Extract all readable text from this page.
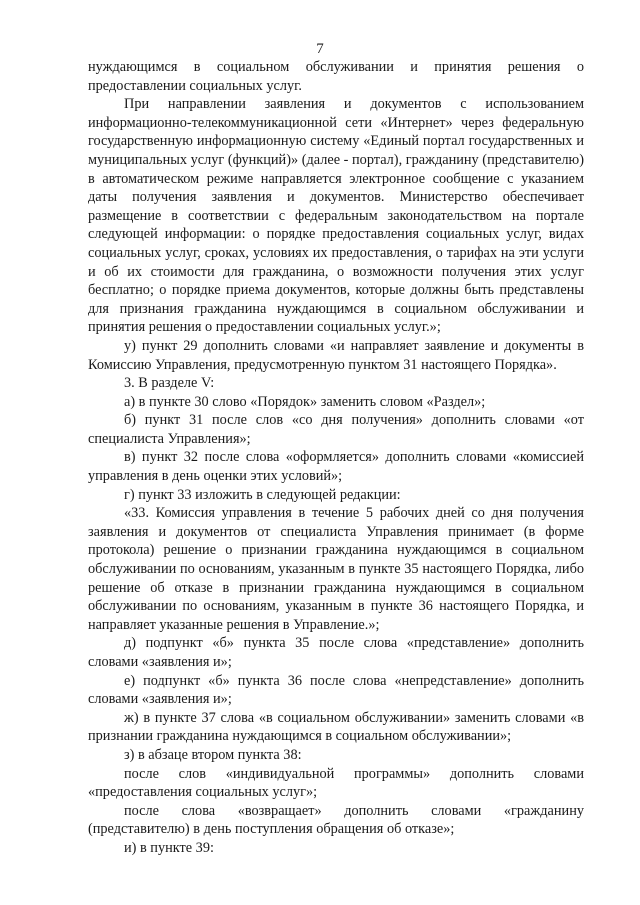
7

нуждающимся в социальном обслуживании и принятия решения о предоставлении социальных услуг.

При направлении заявления и документов с использованием информационно-телекоммуникационной сети «Интернет» через федеральную государственную информационную систему «Единый портал государственных и муниципальных услуг (функций)» (далее - портал), гражданину (представителю) в автоматическом режиме направляется электронное сообщение с указанием даты получения заявления и документов. Министерство обеспечивает размещение в соответствии с федеральным законодательством на портале следующей информации: о порядке предоставления социальных услуг, видах социальных услуг, сроках, условиях их предоставления, о тарифах на эти услуги и об их стоимости для гражданина, о возможности получения этих услуг бесплатно; о порядке приема документов, которые должны быть представлены для признания гражданина нуждающимся в социальном обслуживании и принятия решения о предоставлении социальных услуг.»;

у) пункт 29 дополнить словами «и направляет заявление и документы в Комиссию Управления, предусмотренную пунктом 31 настоящего Порядка».

3. В разделе V:

а) в пункте 30 слово «Порядок» заменить словом «Раздел»;

б) пункт 31 после слов «со дня получения» дополнить словами «от специалиста Управления»;

в) пункт 32 после слова «оформляется» дополнить словами «комиссией управления в день оценки этих условий»;

г) пункт 33 изложить в следующей редакции:

«33. Комиссия управления в течение 5 рабочих дней со дня получения заявления и документов от специалиста Управления принимает (в форме протокола) решение о признании гражданина нуждающимся в социальном обслуживании по основаниям, указанным в пункте 35 настоящего Порядка, либо решение об отказе в признании гражданина нуждающимся в социальном обслуживании по основаниям, указанным в пункте 36 настоящего Порядка, и направляет указанные решения в Управление.»;

д) подпункт «б» пункта 35 после слова «представление» дополнить словами «заявления и»;

е) подпункт «б» пункта 36 после слова «непредставление» дополнить словами «заявления и»;

ж) в пункте 37 слова «в социальном обслуживании» заменить словами «в признании гражданина нуждающимся в социальном обслуживании»;

з) в абзаце втором пункта 38:

после слов «индивидуальной программы» дополнить словами «предоставления социальных услуг»;

после слова «возвращает» дополнить словами «гражданину (представителю) в день поступления обращения об отказе»;

и) в пункте 39:
